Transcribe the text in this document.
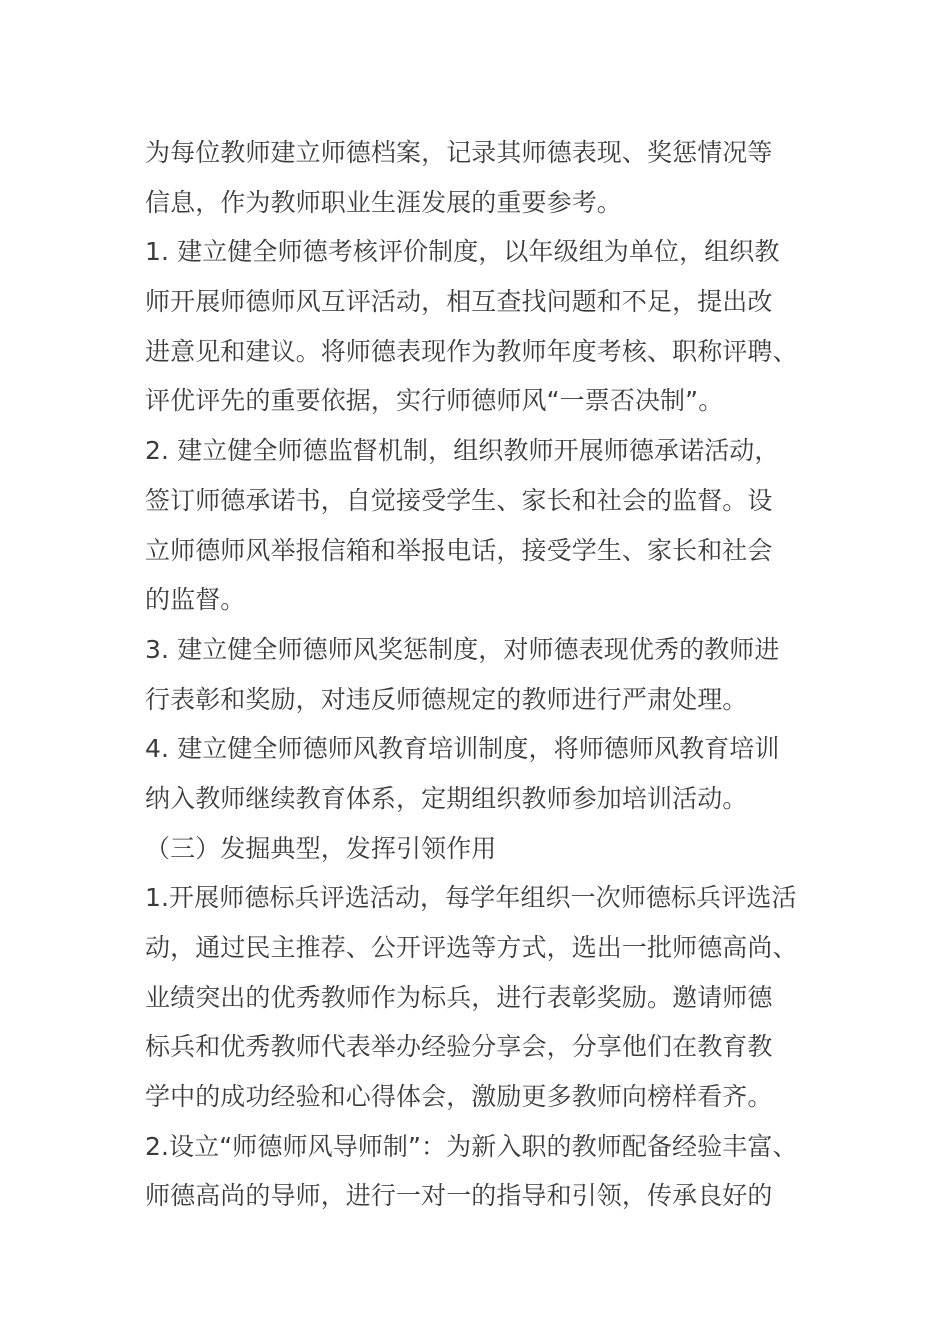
为每位教师建立师德档案，记录其师德表现、奖惩情况等
信息，作为教师职业生涯发展的重要参考。
1. 建立健全师德考核评价制度，以年级组为单位，组织教
师开展师德师风互评活动，相互查找问题和不足，提出改
进意见和建议。将师德表现作为教师年度考核、职称评聘、
评优评先的重要依据，实行师德师风“一票否决制”。
2. 建立健全师德监督机制，组织教师开展师德承诺活动，
签订师德承诺书，自觉接受学生、家长和社会的监督。设
立师德师风举报信箱和举报电话，接受学生、家长和社会
的监督。
3. 建立健全师德师风奖惩制度，对师德表现优秀的教师进
行表彰和奖励，对违反师德规定的教师进行严肃处理。
4. 建立健全师德师风教育培训制度，将师德师风教育培训
纳入教师继续教育体系，定期组织教师参加培训活动。
（三）发掘典型，发挥引领作用
1.开展师德标兵评选活动，每学年组织一次师德标兵评选活
动，通过民主推荐、公开评选等方式，选出一批师德高尚、
业绩突出的优秀教师作为标兵，进行表彰奖励。邀请师德
标兵和优秀教师代表举办经验分享会，分享他们在教育教
学中的成功经验和心得体会，激励更多教师向榜样看齐。
2.设立“师德师风导师制”：为新入职的教师配备经验丰富、
师德高尚的导师，进行一对一的指导和引领，传承良好的
